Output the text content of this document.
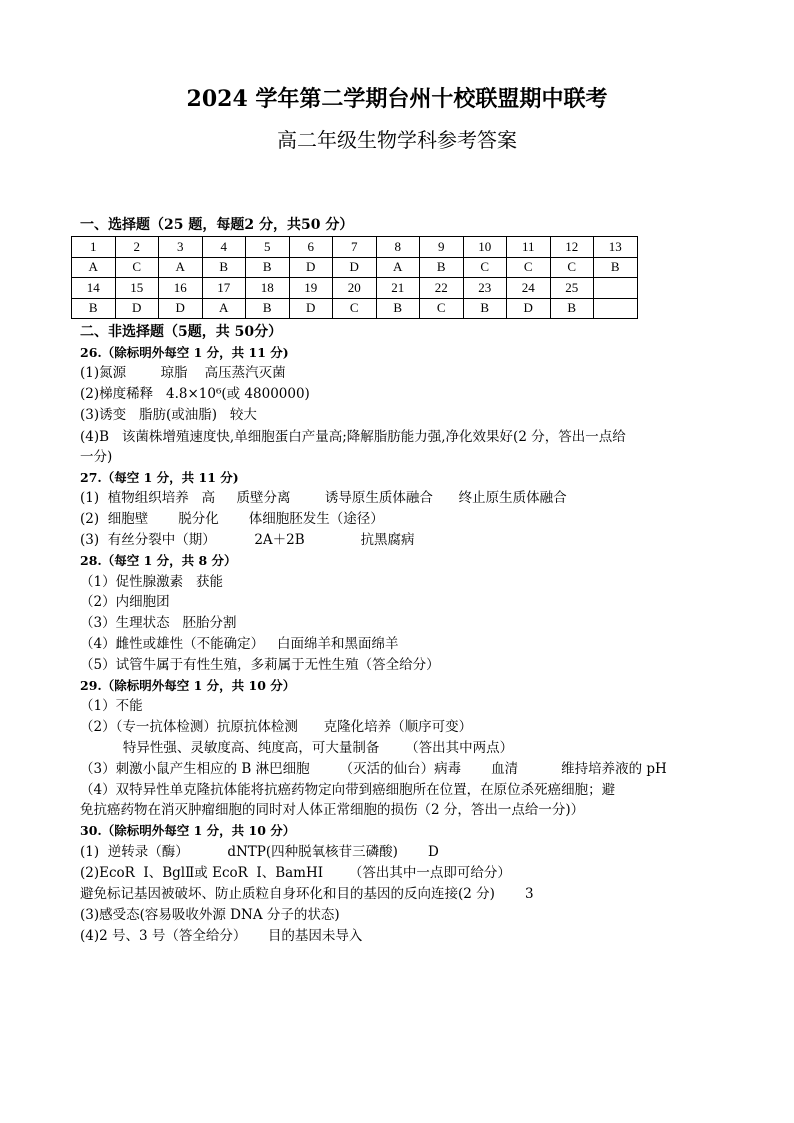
2024 学年第二学期台州十校联盟期中联考
高二年级生物学科参考答案
一、选择题（25 题，每题2 分，共50 分）
1	2	3	4	5	6	7	8	9	10	11	12	13
A	C	A	B	B	D	D	A	B	C	C	C	B
14	15	16	17	18	19	20	21	22	23	24	25	
B	D	D	A	B	D	C	B	C	B	D	B	
二、非选择题（5题，共 50分）
26.（除标明外每空 1 分，共 11 分)
(1)氮源        琼脂    高压蒸汽灭菌
(2)梯度稀释   4.8×10⁶(或 4800000)
(3)诱变   脂肪(或油脂)   较大
(4)B   该菌株增殖速度快,单细胞蛋白产量高;降解脂肪能力强,净化效果好(2 分，答出一点给
一分)
27.（每空 1 分，共 11 分)
(1)  植物组织培养   高     质壁分离        诱导原生质体融合      终止原生质体融合
(2)  细胞壁       脱分化       体细胞胚发生（途径）
(3)  有丝分裂中（期）         2A＋2B             抗黑腐病
28.（每空 1 分，共 8 分）
（1）促性腺激素   获能
（2）内细胞团
（3）生理状态   胚胎分割
（4）雌性或雄性（不能确定）   白面绵羊和黑面绵羊
（5）试管牛属于有性生殖，多莉属于无性生殖（答全给分）
29.（除标明外每空 1 分，共 10 分）
（1）不能
（2）（专一抗体检测）抗原抗体检测      克隆化培养（顺序可变）
特异性强、灵敏度高、纯度高，可大量制备      （答出其中两点）
（3）刺激小鼠产生相应的 B 淋巴细胞       （灭活的仙台）病毒       血清          维持培养液的 pH
（4）双特异性单克隆抗体能将抗癌药物定向带到癌细胞所在位置，在原位杀死癌细胞；避
免抗癌药物在消灭肿瘤细胞的同时对人体正常细胞的损伤（2 分，答出一点给一分)）
30.（除标明外每空 1 分，共 10 分）
(1)  逆转录（酶）         dNTP(四种脱氧核苷三磷酸)       D
(2)EcoR  Ⅰ、BglⅡ或 EcoR  Ⅰ、BamHⅠ      （答出其中一点即可给分）
避免标记基因被破坏、防止质粒自身环化和目的基因的反向连接(2 分)       3
(3)感受态(容易吸收外源 DNA 分子的状态)
(4)2 号、3 号（答全给分）     目的基因未导入
